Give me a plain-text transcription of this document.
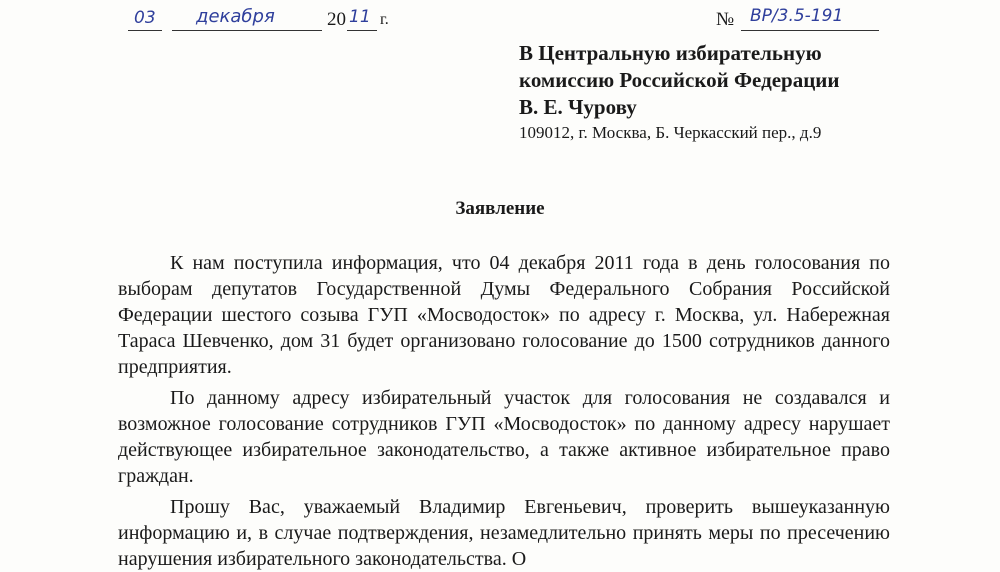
03 декабря	20 11 г.	№ ВР/3.5-191
В Центральную избирательную
комиссию Российской Федерации
В. Е. Чурову
109012, г. Москва, Б. Черкасский пер., д.9
Заявление

К нам поступила информация, что 04 декабря 2011 года в день голосования по выборам депутатов Государственной Думы Федерального Собрания Российской Федерации шестого созыва ГУП «Мосводосток» по адресу г. Москва, ул. Набережная Тараса Шевченко, дом 31 будет организовано голосование до 1500 сотрудников данного предприятия.

По данному адресу избирательный участок для голосования не создавался и возможное голосование сотрудников ГУП «Мосводосток» по данному адресу нарушает действующее избирательное законодательство, а также активное избирательное право граждан.

Прошу Вас, уважаемый Владимир Евгеньевич, проверить вышеуказанную информацию и, в случае подтверждения, незамедлительно принять меры по пресечению нарушения избирательного законодательства. О
